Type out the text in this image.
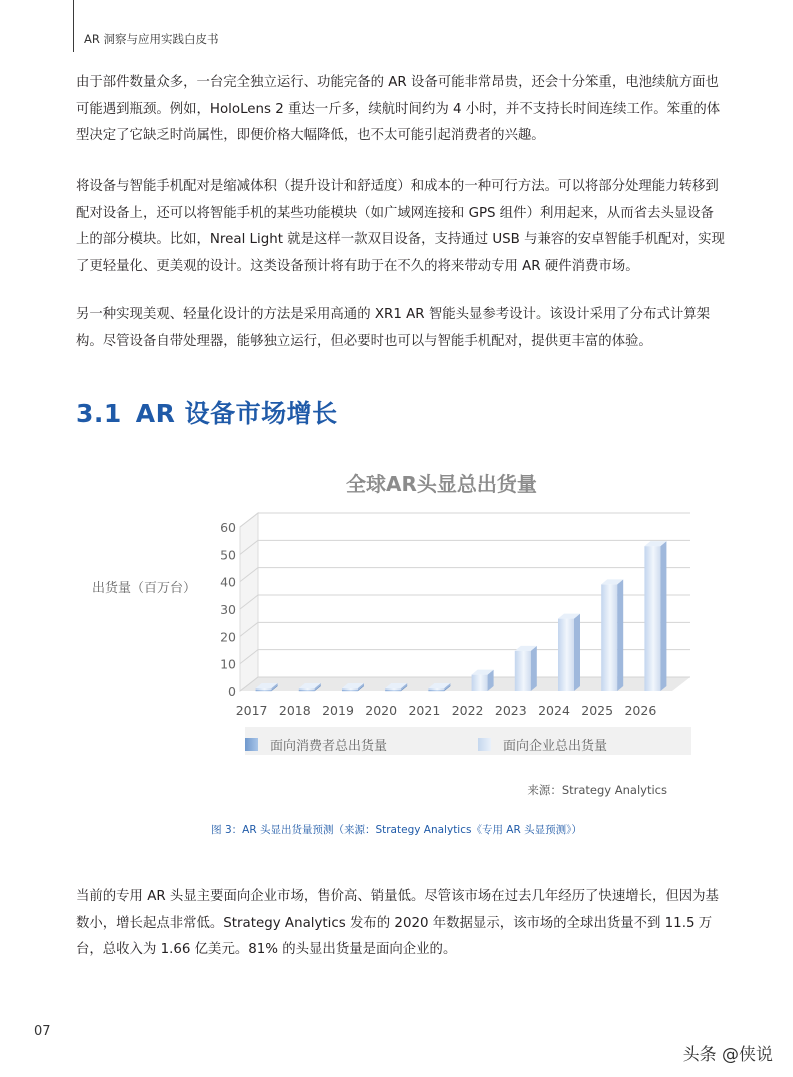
AR 洞察与应用实践白皮书

由于部件数量众多，一台完全独立运行、功能完备的 AR 设备可能非常昂贵，还会十分笨重，电池续航方面也可能遇到瓶颈。例如，HoloLens 2 重达一斤多，续航时间约为 4 小时，并不支持长时间连续工作。笨重的体型决定了它缺乏时尚属性，即便价格大幅降低，也不太可能引起消费者的兴趣。

将设备与智能手机配对是缩减体积（提升设计和舒适度）和成本的一种可行方法。可以将部分处理能力转移到配对设备上，还可以将智能手机的某些功能模块（如广域网连接和 GPS 组件）利用起来，从而省去头显设备上的部分模块。比如，Nreal Light 就是这样一款双目设备，支持通过 USB 与兼容的安卓智能手机配对，实现了更轻量化、更美观的设计。这类设备预计将有助于在不久的将来带动专用 AR 硬件消费市场。

另一种实现美观、轻量化设计的方法是采用高通的 XR1 AR 智能头显参考设计。该设计采用了分布式计算架构。尽管设备自带处理器，能够独立运行，但必要时也可以与智能手机配对，提供更丰富的体验。

3.1 AR 设备市场增长
0
10
20
30
40
50
60
2017 2018 2019 2020 2021 2022 2023 2024 2025 2026
全球AR头显总出货量
出货量（百万台）
面向消费者总出货量	面向企业总出货量
来源：Strategy Analytics
图 3：AR 头显出货量预测（来源：Strategy Analytics《专用 AR 头显预测》）

当前的专用 AR 头显主要面向企业市场，售价高、销量低。尽管该市场在过去几年经历了快速增长，但因为基数小，增长起点非常低。Strategy Analytics 发布的 2020 年数据显示，该市场的全球出货量不到 11.5 万台，总收入为 1.66 亿美元。81% 的头显出货量是面向企业的。

07
头条 @侠说
